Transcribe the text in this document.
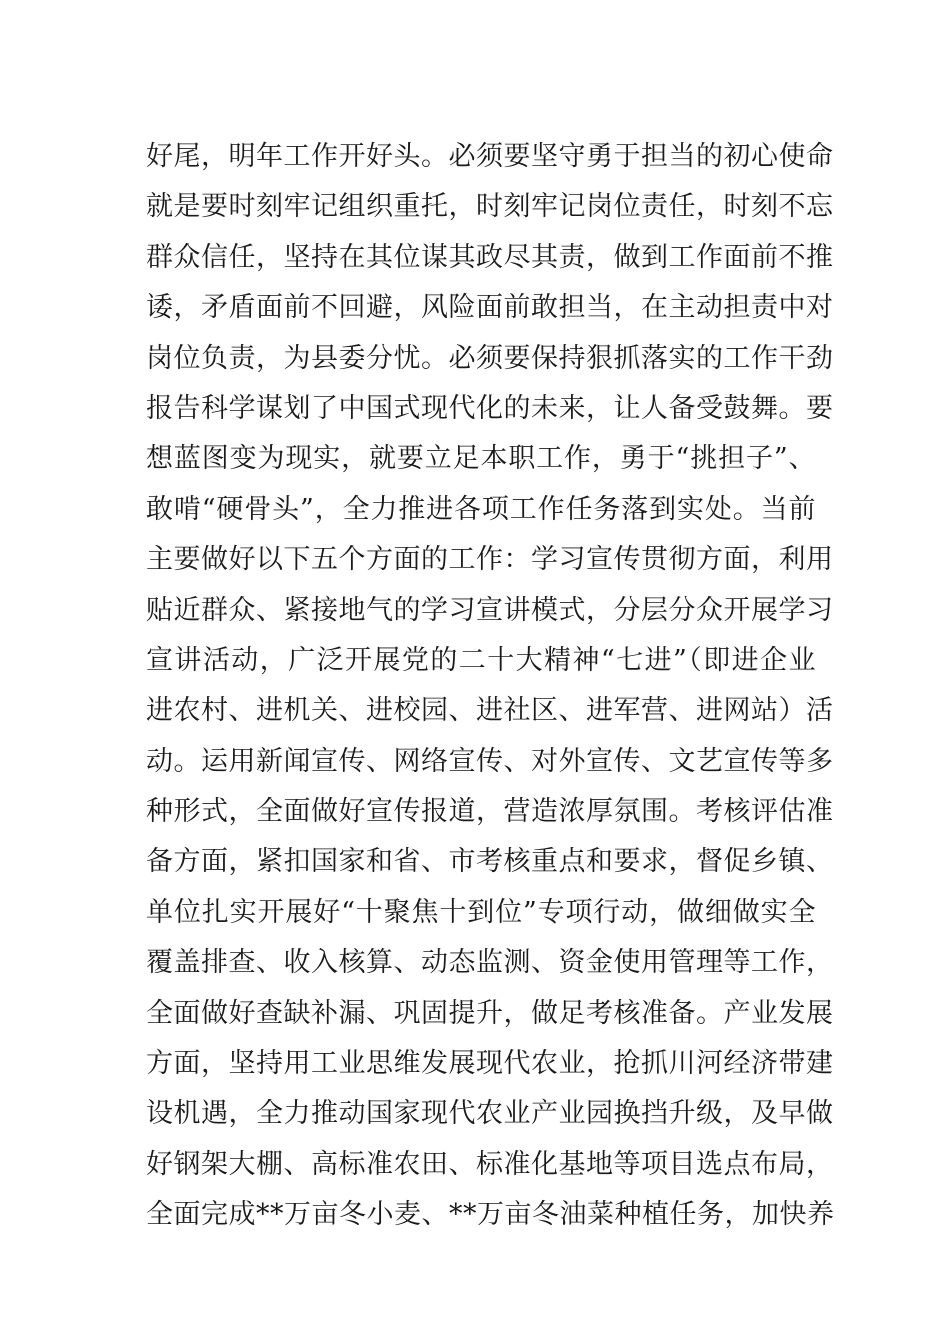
好尾，明年工作开好头。必须要坚守勇于担当的初心使命
就是要时刻牢记组织重托，时刻牢记岗位责任，时刻不忘
群众信任，坚持在其位谋其政尽其责，做到工作面前不推
诿，矛盾面前不回避，风险面前敢担当，在主动担责中对
岗位负责，为县委分忧。必须要保持狠抓落实的工作干劲
报告科学谋划了中国式现代化的未来，让人备受鼓舞。要
想蓝图变为现实，就要立足本职工作，勇于“挑担子”、
敢啃“硬骨头”，全力推进各项工作任务落到实处。当前
主要做好以下五个方面的工作：学习宣传贯彻方面，利用
贴近群众、紧接地气的学习宣讲模式，分层分众开展学习
宣讲活动，广泛开展党的二十大精神“七进”（即进企业
进农村、进机关、进校园、进社区、进军营、进网站）活
动。运用新闻宣传、网络宣传、对外宣传、文艺宣传等多
种形式，全面做好宣传报道，营造浓厚氛围。考核评估准
备方面，紧扣国家和省、市考核重点和要求，督促乡镇、
单位扎实开展好“十聚焦十到位”专项行动，做细做实全
覆盖排查、收入核算、动态监测、资金使用管理等工作，
全面做好查缺补漏、巩固提升，做足考核准备。产业发展
方面，坚持用工业思维发展现代农业，抢抓川河经济带建
设机遇，全力推动国家现代农业产业园换挡升级，及早做
好钢架大棚、高标准农田、标准化基地等项目选点布局，
全面完成**万亩冬小麦、**万亩冬油菜种植任务，加快养
